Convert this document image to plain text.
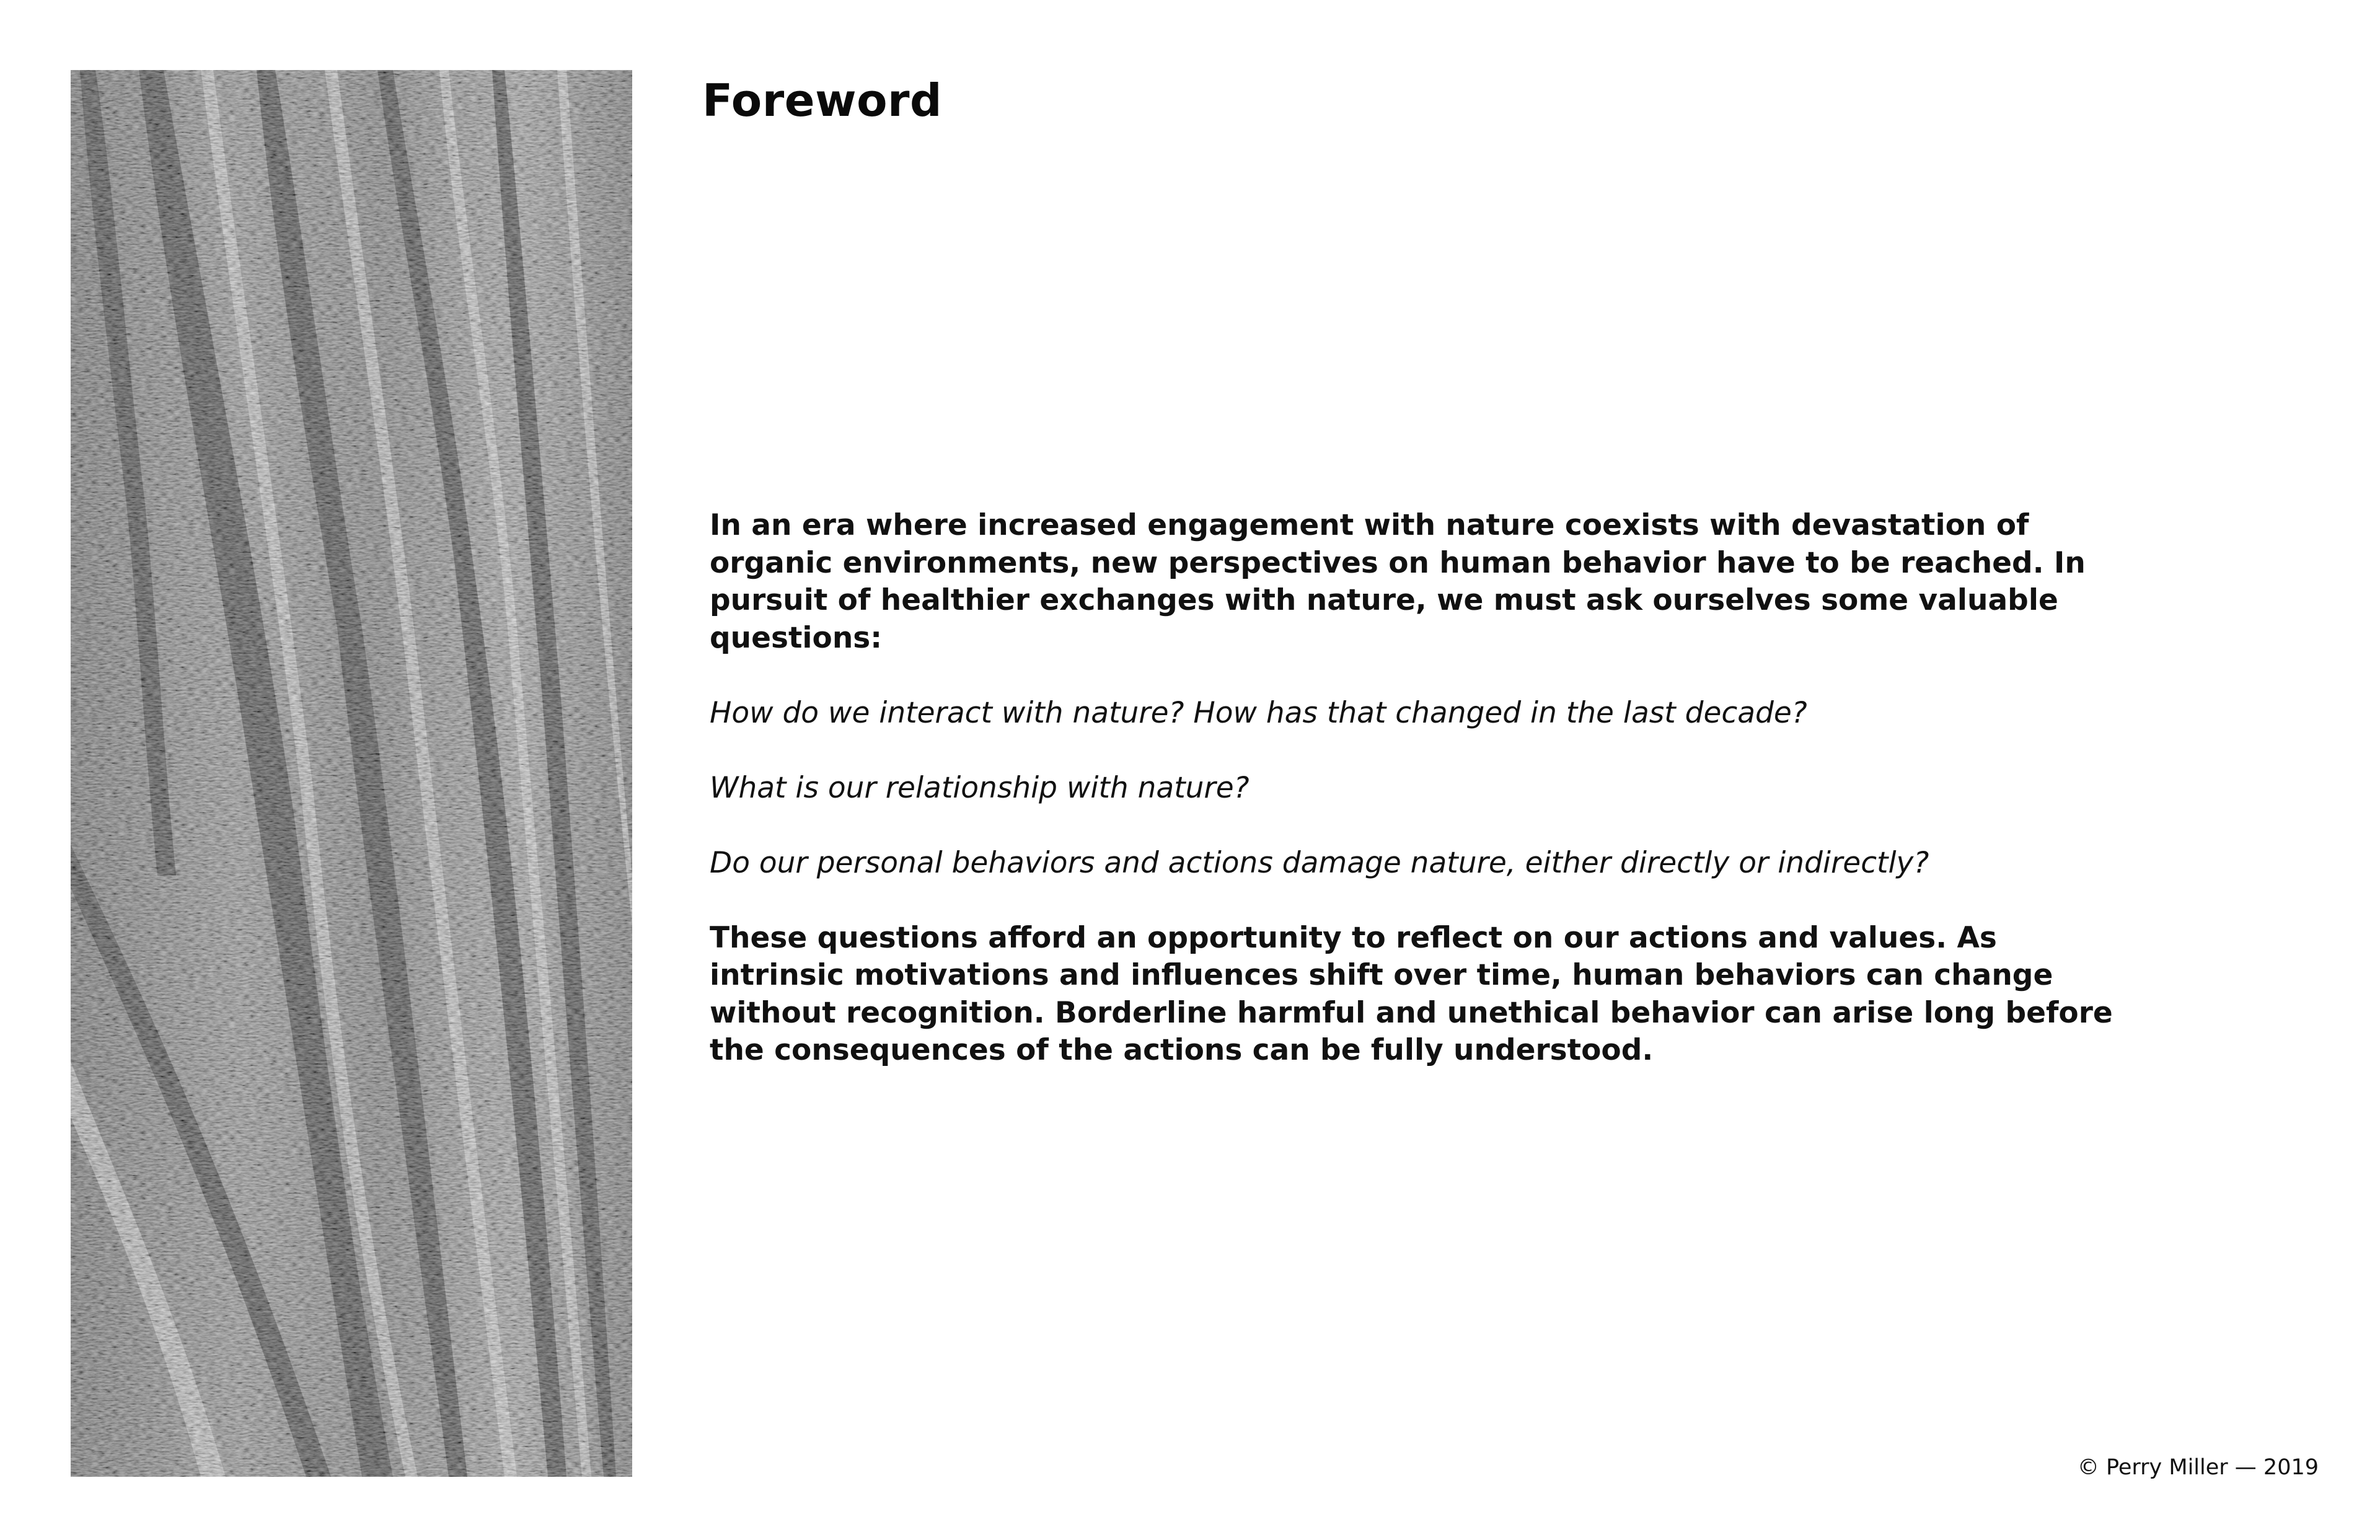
Foreword

In an era where increased engagement with nature coexists with devastation of organic environments, new perspectives on human behavior have to be reached. In pursuit of healthier exchanges with nature, we must ask ourselves some valuable questions:

How do we interact with nature? How has that changed in the last decade?

What is our relationship with nature?

Do our personal behaviors and actions damage nature, either directly or indirectly?

These questions afford an opportunity to reflect on our actions and values. As intrinsic motivations and influences shift over time, human behaviors can change without recognition. Borderline harmful and unethical behavior can arise long before the consequences of the actions can be fully understood.

© Perry Miller — 2019
